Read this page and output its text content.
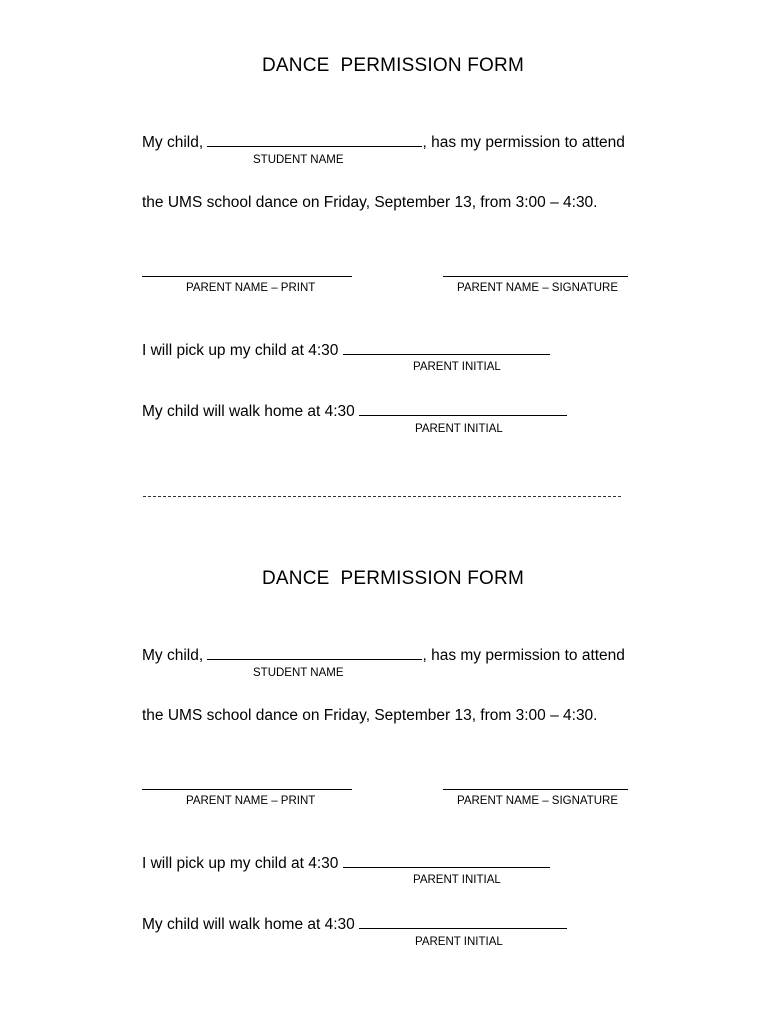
DANCE  PERMISSION FORM
My child,	, has my permission to attend
STUDENT NAME
the UMS school dance on Friday, September 13, from 3:00 – 4:30.
PARENT NAME – PRINT	PARENT NAME – SIGNATURE
I will pick up my child at 4:30
PARENT INITIAL
My child will walk home at 4:30
PARENT INITIAL
DANCE  PERMISSION FORM
My child,	, has my permission to attend
STUDENT NAME
the UMS school dance on Friday, September 13, from 3:00 – 4:30.
PARENT NAME – PRINT	PARENT NAME – SIGNATURE
I will pick up my child at 4:30
PARENT INITIAL
My child will walk home at 4:30
PARENT INITIAL
